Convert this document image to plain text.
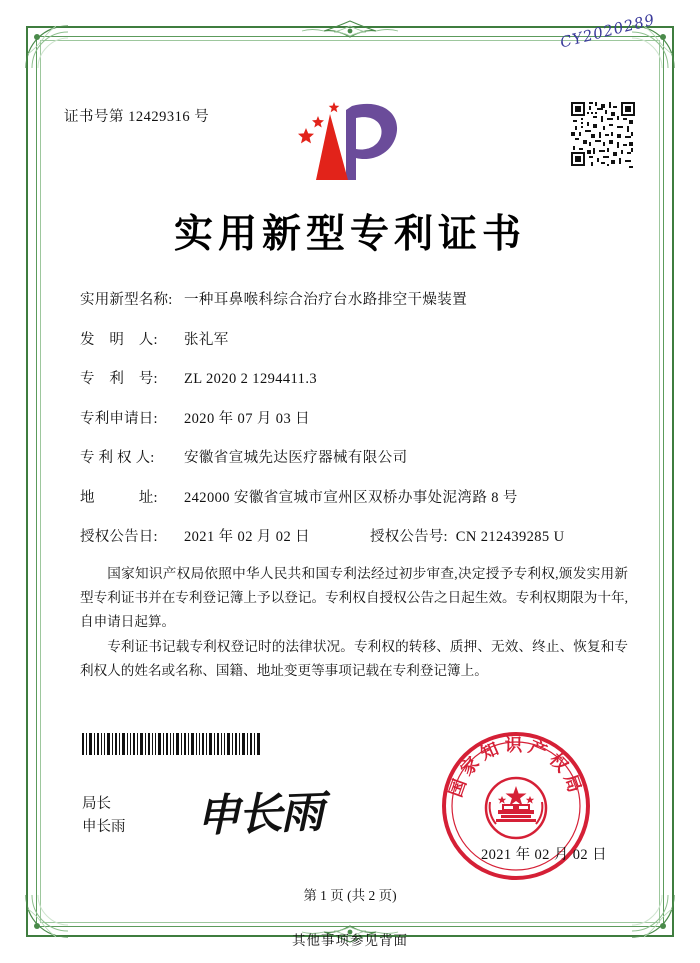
CY2020289
证书号第 12429316 号
实用新型专利证书
实用新型名称: 一种耳鼻喉科综合治疗台水路排空干燥装置
发　明　人:	张礼军
专　利　号:	ZL 2020 2 1294411.3
专利申请日:	2020 年 07 月 03 日
专 利 权 人:	安徽省宣城先达医疗器械有限公司
地　　　址:	242000 安徽省宣城市宣州区双桥办事处泥湾路 8 号
授权公告日:	2021 年 02 月 02 日	授权公告号: CN 212439285 U

国家知识产权局依照中华人民共和国专利法经过初步审查,决定授予专利权,颁发实用新型专利证书并在专利登记簿上予以登记。专利权自授权公告之日起生效。专利权期限为十年,自申请日起算。

专利证书记载专利权登记时的法律状况。专利权的转移、质押、无效、终止、恢复和专利权人的姓名或名称、国籍、地址变更等事项记载在专利登记簿上。

局长
申长雨 申长雨
国家知识产权局
2021 年 02 月 02 日
第 1 页 (共 2 页)
其他事项参见背面
